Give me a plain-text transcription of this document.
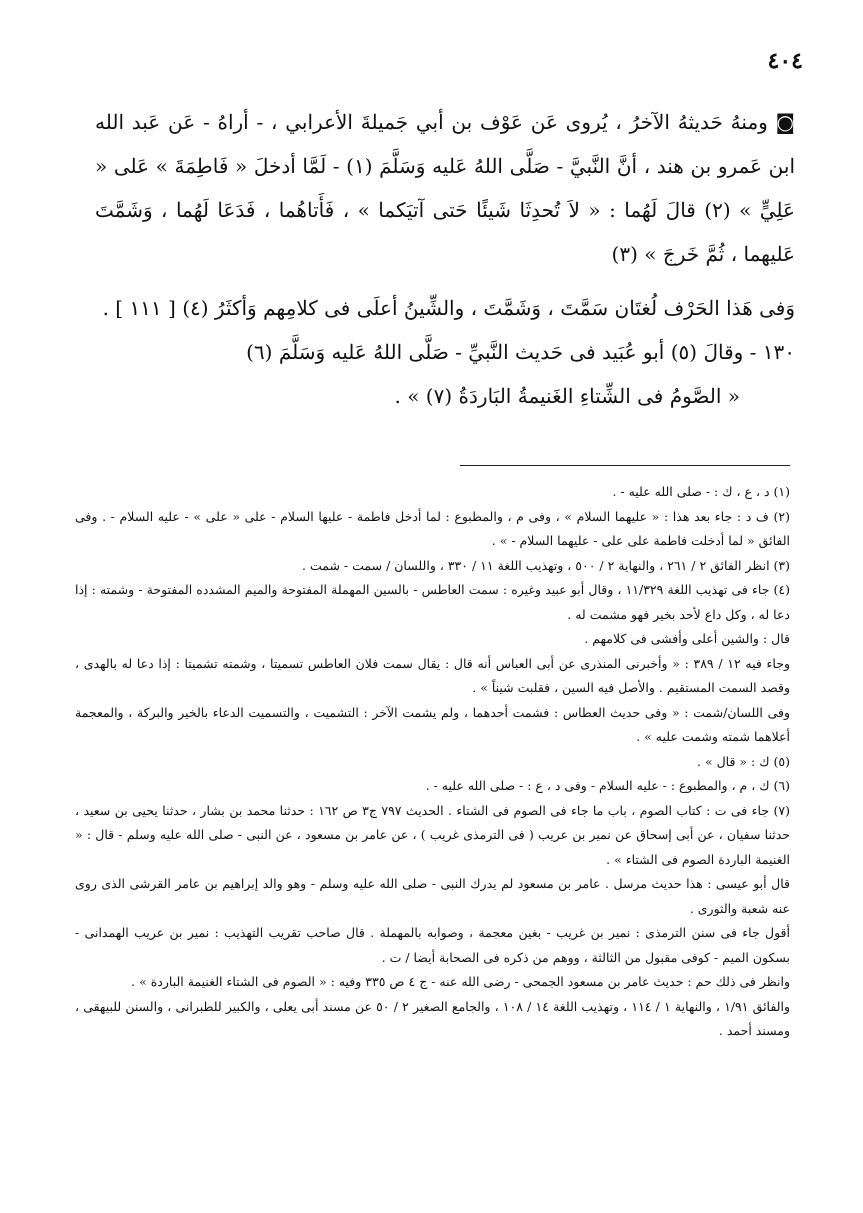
٤٠٤

◙ ومنهُ حَديثهُ الآخرُ ، يُروى عَن عَوْف بن أبي جَميلةَ الأعرابي ، - أراهُ - عَن عَبد الله ابن عَمرو بن هند ، أنَّ النَّبيَّ - صَلَّى اللهُ عَليه وَسَلَّمَ (١) - لَمَّا أدخلَ « فَاطِمَةَ » عَلى « عَلِيٍّ » (٢) قالَ لَهُما : « لاَ تُحدِثَا شَيئًا حَتى آتيَكما » ، فَأَتاهُما ، فَدَعَا لَهُما ، وَشَمَّتَ عَليهما ، ثُمَّ خَرجَ » (٣)

وَفى هَذا الحَرْف لُغتَان سَمَّتَ ، وَشَمَّتَ ، والشِّينُ أعلَى فى كلامِهم وَأكثَرُ (٤) [ ١١١ ] .

١٣٠ - وقالَ (٥) أبو عُبَيد فى حَديث النَّبيِّ - صَلَّى اللهُ عَليه وَسَلَّمَ (٦)

« الصَّومُ فى الشِّتاءِ الغَنيمةُ البَاردَةُ (٧) » .

(١) د ، ع ، ك : - صلى الله عليه - .

(٢) ف د : جاء بعد هذا : « عليهما السلام » ، وفى م ، والمطبوع : لما أدخل فاطمة - عليها السلام - على « على » - عليه السلام - . وفى الفائق « لما أدخلت فاطمة على على - عليهما السلام - » .

(٣) انظر الفائق ٢ / ٢٦١ ، والنهاية ٢ / ٥٠٠ ، وتهذيب اللغة ١١ / ٣٣٠ ، واللسان / سمت - شمت .

(٤) جاء فى تهذيب اللغة ١١/٣٢٩ ، وقال أبو عبيد وغيره : سمت العاطس - بالسين المهملة المفتوحة والميم المشدده المفتوحة - وشمته : إذا دعا له ، وكل داع لأحد بخير فهو مشمت له .

قال : والشين أعلى وأفشى فى كلامهم .

وجاء فيه ١٢ / ٣٨٩ : « وأخبرنى المنذرى عن أبى العباس أنه قال : يقال سمت فلان العاطس تسميتا ، وشمته تشميتا : إذا دعا له بالهدى ، وقصد السمت المستقيم . والأصل فيه السين ، فقلبت شيناً » .

وفى اللسان/شمت : « وفى حديث العطاس : فشمت أحدهما ، ولم يشمت الآخر : التشميت ، والتسميت الدعاء بالخير والبركة ، والمعجمة أعلاهما شمته وشمت عليه » .

(٥) ك : « قال » .

(٦) ك ، م ، والمطبوع : - عليه السلام - وفى د ، ع : - صلى الله عليه - .

(٧) جاء فى ت : كتاب الصوم ، باب ما جاء فى الصوم فى الشتاء . الحديث ٧٩٧ ج٣ ص ١٦٢ : حدثنا محمد بن بشار ، حدثنا يحيى بن سعيد ، حدثنا سفيان ، عن أبى إسحاق عن نمير بن عريب ( فى الترمذى غريب ) ، عن عامر بن مسعود ، عن النبى - صلى الله عليه وسلم - قال : « الغنيمة الباردة الصوم فى الشتاء » .

قال أبو عيسى : هذا حديث مرسل . عامر بن مسعود لم يدرك النبى - صلى الله عليه وسلم - وهو والد إبراهيم بن عامر القرشى الذى روى عنه شعبة والثورى .

أقول جاء فى سنن الترمذى : نمير بن غريب - بغين معجمة ، وصوابه بالمهملة . قال صاحب تقريب التهذيب : نمير بن عريب الهمدانى - بسكون الميم - كوفى مقبول من الثالثة ، ووهم من ذكره فى الصحابة أيضا / ت .

وانظر فى ذلك حم : حديث عامر بن مسعود الجمحى - رضى الله عنه - ج ٤ ص ٣٣٥ وفيه : « الصوم فى الشتاء الغنيمة الباردة » .

والفائق ١/٩١ ، والنهاية ١ / ١١٤ ، وتهذيب اللغة ١٤ / ١٠٨ ، والجامع الصغير ٢ / ٥٠ عن مسند أبى يعلى ، والكبير للطبرانى ، والسنن للبيهقى ، ومسند أحمد .
